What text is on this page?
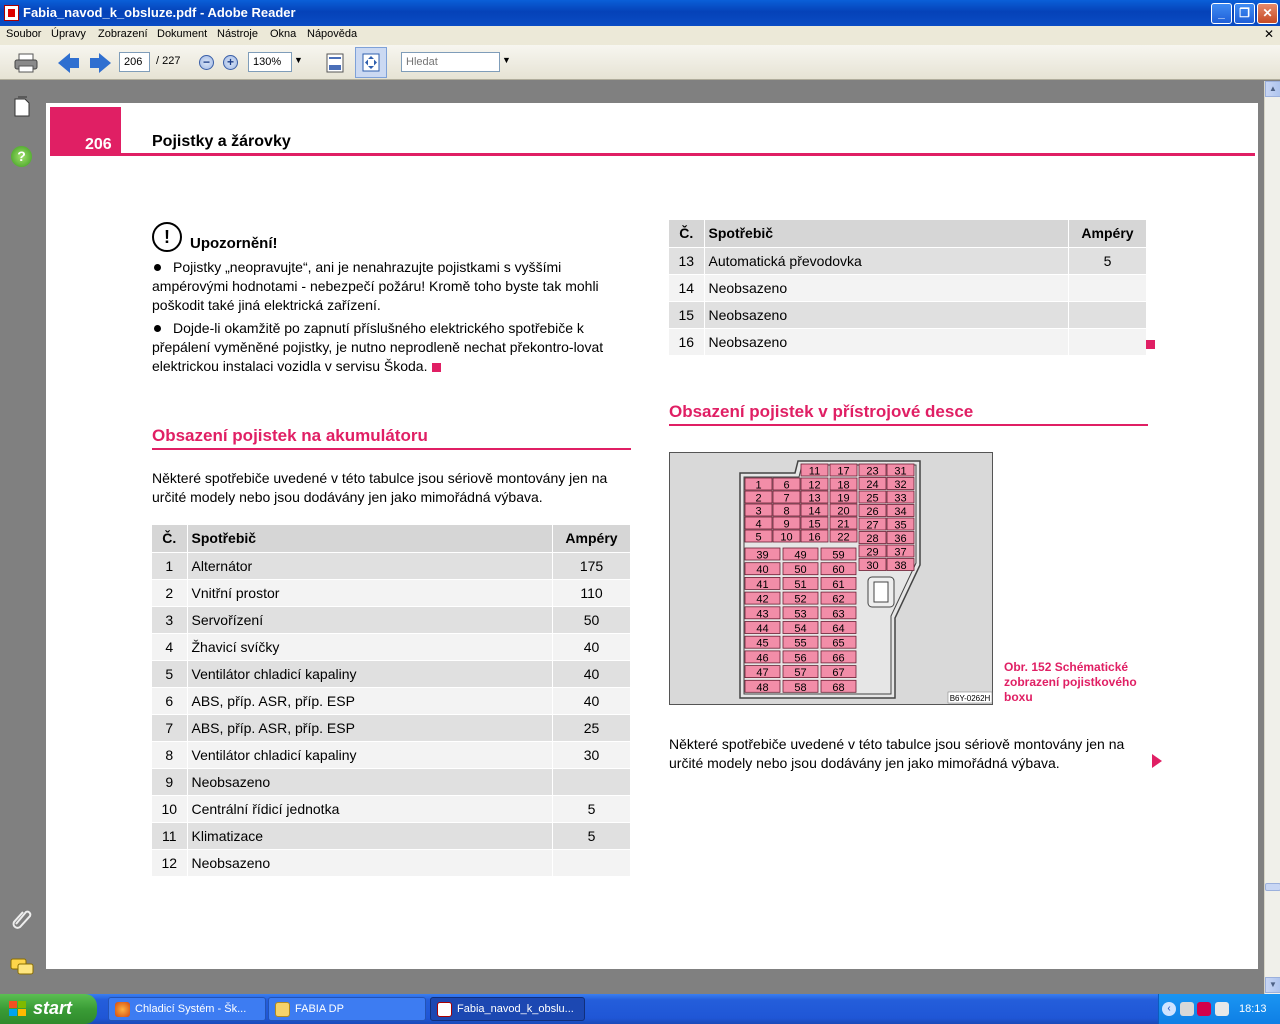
Fabia_navod_k_obsluze.pdf - Adobe Reader	_	❐	✕
Soubor Úpravy Zobrazení Dokument Nástroje Okna Nápověda	✕
206
/ 227	−	+
130%	▼
Hledat	▼
?
206	Pojistky a žárovky
!	Upozornění!
Pojistky „neopravujte“, ani je nenahrazujte pojistkami s vyššími ampérovými hodnotami - nebezpečí požáru! Kromě toho byste tak mohli poškodit také jiná elektrická zařízení.
Dojde-li okamžitě po zapnutí příslušného elektrického spotřebiče k přepálení vyměněné pojistky, je nutno neprodleně nechat překontro-lovat elektrickou instalaci vozidla v servisu Škoda.
Obsazení pojistek na akumulátoru
Některé spotřebiče uvedené v této tabulce jsou sériově montovány jen na určité modely nebo jsou dodávány jen jako mimořádná výbava.
Č.	Spotřebič	Ampéry
1	Alternátor	175
2	Vnitřní prostor	110
3	Servořízení	50
4	Žhavicí svíčky	40
5	Ventilátor chladicí kapaliny	40
6	ABS, příp. ASR, příp. ESP	40
7	ABS, příp. ASR, příp. ESP	25
8	Ventilátor chladicí kapaliny	30
9	Neobsazeno	
10	Centrální řídicí jednotka	5
11	Klimatizace	5
12	Neobsazeno	
Č.	Spotřebič	Ampéry
13	Automatická převodovka	5
14	Neobsazeno	
15	Neobsazeno	
16	Neobsazeno	
Obsazení pojistek v přístrojové desce
1 6
2 7
3 8
4 9
5 10
11
12
13
14
15
16
17
18
19
20
21
22
23
24
25
26
27
28
29
30
31
32
33
34
35
36
37
38
39 49 59
40 50 60
41 51 61
42 52 62
43 53 63
44 54 64
45 55 65
46 56 66
47 57 67
48 58 68
B6Y-0262H
Obr. 152 Schématické zobrazení pojistkového boxu
Některé spotřebiče uvedené v této tabulce jsou sériově montovány jen na určité modely nebo jsou dodávány jen jako mimořádná výbava.
▲
▼
start	Chladicí Systém - Šk...	FABIA DP	Fabia_navod_k_obslu...	‹	18:13
